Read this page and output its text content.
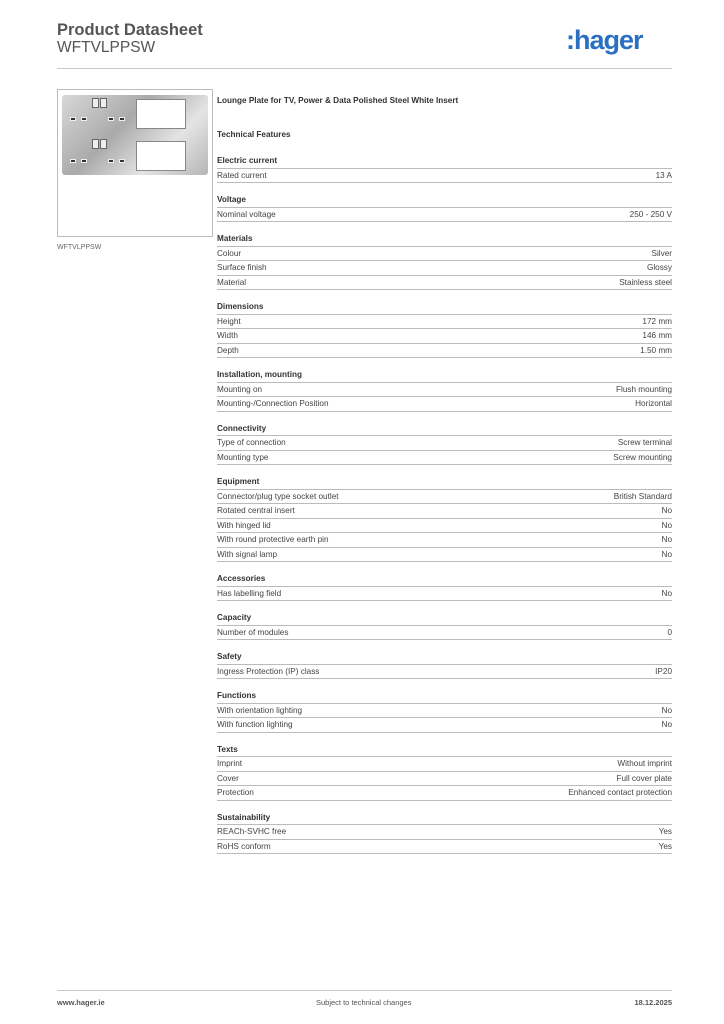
Product Datasheet
WFTVLPPSW	:hager
WFTVLPPSW
Lounge Plate for TV, Power & Data Polished Steel White Insert
Technical Features
Electric current
Rated current	13 A
Voltage
Nominal voltage	250 - 250 V
Materials
Colour	Silver
Surface finish	Glossy
Material	Stainless steel
Dimensions
Height	172 mm
Width	146 mm
Depth	1.50 mm
Installation, mounting
Mounting on	Flush mounting
Mounting-/Connection Position	Horizontal
Connectivity
Type of connection	Screw terminal
Mounting type	Screw mounting
Equipment
Connector/plug type socket outlet	British Standard
Rotated central insert	No
With hinged lid	No
With round protective earth pin	No
With signal lamp	No
Accessories
Has labelling field	No
Capacity
Number of modules	0
Safety
Ingress Protection (IP) class	IP20
Functions
With orientation lighting	No
With function lighting	No
Texts
Imprint	Without imprint
Cover	Full cover plate
Protection	Enhanced contact protection
Sustainability
REACh-SVHC free	Yes
RoHS conform	Yes
www.hager.ie	Subject to technical changes	18.12.2025
